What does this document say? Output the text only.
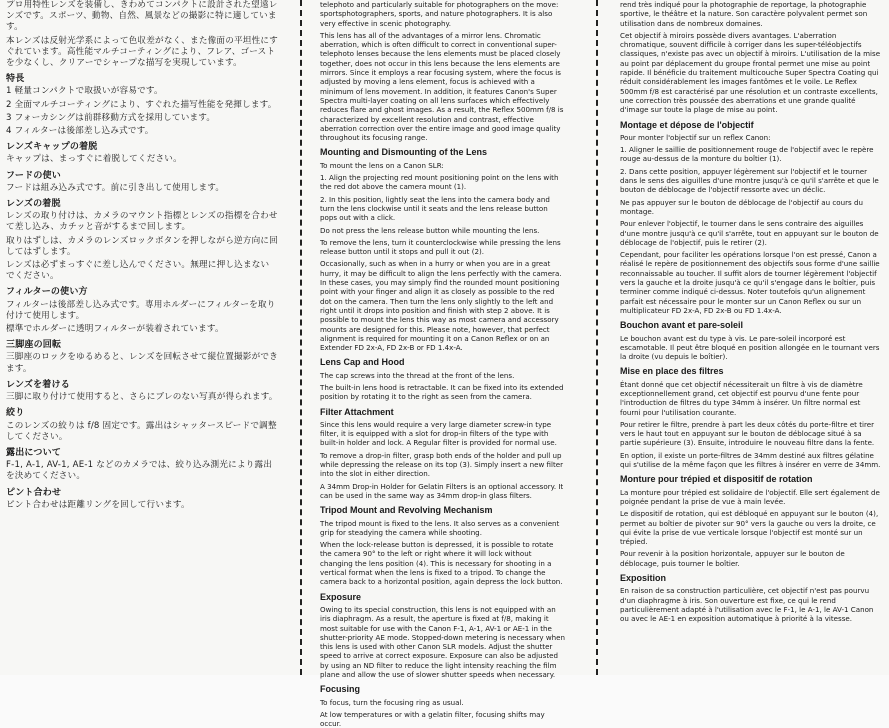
プロ用特性レンズを装備し、きわめてコンパクトに設計された望遠レンズです。スポーツ、動物、自然、風景などの撮影に特に適しています。
本レンズは反射光学系によって色収差がなく、また像面の平坦性にすぐれています。高性能マルチコーティングにより、フレア、ゴーストを少なくし、クリアーでシャープな描写を実現しています。
特長
1 軽量コンパクトで取扱いが容易です。
2 全面マルチコーティングにより、すぐれた描写性能を発揮します。
3 フォーカシングは前群移動方式を採用しています。
4 フィルターは後部差し込み式です。
レンズキャップの着脱
キャップは、まっすぐに着脱してください。
フードの使い
フードは組み込み式です。前に引き出して使用します。
レンズの着脱
レンズの取り付けは、カメラのマウント指標とレンズの指標を合わせて差し込み、カチッと音がするまで回します。
取りはずしは、カメラのレンズロックボタンを押しながら逆方向に回してはずします。
レンズは必ずまっすぐに差し込んでください。無理に押し込まないでください。
フィルターの使い方
フィルターは後部差し込み式です。専用ホルダーにフィルターを取り付けて使用します。
標準でホルダーに透明フィルターが装着されています。
三脚座の回転
三脚座のロックをゆるめると、レンズを回転させて縦位置撮影ができます。
レンズを着ける
三脚に取り付けて使用すると、さらにブレのない写真が得られます。
絞り
このレンズの絞りは f/8 固定です。露出はシャッタースピードで調整してください。
露出について
F-1, A-1, AV-1, AE-1 などのカメラでは、絞り込み測光により露出を決めてください。
ピント合わせ
ピント合わせは距離リングを回して行います。
telephoto and particularly suitable for photographers on the move: sportsphotographers, sports, and nature photographers. It is also very effective in scenic photography.
This lens has all of the advantages of a mirror lens. Chromatic aberration, which is often difficult to correct in conventional super-telephoto lenses because the lens elements must be placed closely together, does not occur in this lens because the lens elements are mirrors. Since it employs a rear focusing system, where the focus is adjusted by moving a lens element, focus is achieved with a minimum of lens movement. In addition, it features Canon's Super Spectra multi-layer coating on all lens surfaces which effectively reduces flare and ghost images. As a result, the Reflex 500mm f/8 is characterized by excellent resolution and contrast, effective aberration correction over the entire image and good image quality throughout its focusing range.
Mounting and Dismounting of the Lens
To mount the lens on a Canon SLR:
1. Align the projecting red mount positioning point on the lens with the red dot above the camera mount (1).
2. In this position, lightly seat the lens into the camera body and turn the lens clockwise until it seats and the lens release button pops out with a click.
Do not press the lens release button while mounting the lens.
To remove the lens, turn it counterclockwise while pressing the lens release button until it stops and pull it out (2).
Occasionally, such as when in a hurry or when you are in a great hurry, it may be difficult to align the lens perfectly with the camera. In these cases, you may simply find the rounded mount positioning point with your finger and align it as closely as possible to the red dot on the camera. Then turn the lens only slightly to the left and right until it drops into position and finish with step 2 above. It is possible to mount the lens this way as most camera and accessory mounts are designed for this. Please note, however, that perfect alignment is required for mounting it on a Canon Reflex or on an Extender FD 2x-A, FD 2x-B or FD 1.4x-A.
Lens Cap and Hood
The cap screws into the thread at the front of the lens.
The built-in lens hood is retractable. It can be fixed into its extended position by rotating it to the right as seen from the camera.
Filter Attachment
Since this lens would require a very large diameter screw-in type filter, it is equipped with a slot for drop-in filters of the type with built-in holder and lock. A Regular filter is provided for normal use.
To remove a drop-in filter, grasp both ends of the holder and pull up while depressing the release on its top (3). Simply insert a new filter into the slot in either direction.
A 34mm Drop-in Holder for Gelatin Filters is an optional accessory. It can be used in the same way as 34mm drop-in glass filters.
Tripod Mount and Revolving Mechanism
The tripod mount is fixed to the lens. It also serves as a convenient grip for steadying the camera while shooting.
When the lock-release button is depressed, it is possible to rotate the camera 90° to the left or right where it will lock without changing the lens position (4). This is necessary for shooting in a vertical format when the lens is fixed to a tripod. To change the camera back to a horizontal position, again depress the lock button.
Exposure
Owing to its special construction, this lens is not equipped with an iris diaphragm. As a result, the aperture is fixed at f/8, making it most suitable for use with the Canon F-1, A-1, AV-1 or AE-1 in the shutter-priority AE mode. Stopped-down metering is necessary when this lens is used with other Canon SLR models. Adjust the shutter speed to arrive at correct exposure. Exposure can also be adjusted by using an ND filter to reduce the light intensity reaching the film plane and allow the use of slower shutter speeds when necessary.
Focusing
To focus, turn the focusing ring as usual.
At low temperatures or with a gelatin filter, focusing shifts may occur.
rend très indiqué pour la photographie de reportage, la photographie sportive, le théâtre et la nature. Son caractère polyvalent permet son utilisation dans de nombreux domaines.
Cet objectif à miroirs possède divers avantages. L'aberration chromatique, souvent difficile à corriger dans les super-téléobjectifs classiques, n'existe pas avec un objectif à miroirs. L'utilisation de la mise au point par déplacement du groupe frontal permet une mise au point rapide. Il bénéficie du traitement multicouche Super Spectra Coating qui réduit considérablement les images fantômes et le voile. Le Reflex 500mm f/8 est caractérisé par une résolution et un contraste excellents, une correction très poussée des aberrations et une grande qualité d'image sur toute la plage de mise au point.
Montage et dépose de l'objectif
Pour monter l'objectif sur un reflex Canon:
1. Aligner le saillie de positionnement rouge de l'objectif avec le repère rouge au-dessus de la monture du boîtier (1).
2. Dans cette position, appuyer légèrement sur l'objectif et le tourner dans le sens des aiguilles d'une montre jusqu'à ce qu'il s'arrête et que le bouton de déblocage de l'objectif ressorte avec un déclic.
Ne pas appuyer sur le bouton de déblocage de l'objectif au cours du montage.
Pour enlever l'objectif, le tourner dans le sens contraire des aiguilles d'une montre jusqu'à ce qu'il s'arrête, tout en appuyant sur le bouton de déblocage de l'objectif, puis le retirer (2).
Cependant, pour faciliter les opérations lorsque l'on est pressé, Canon a réalisé le repère de positionnement des objectifs sous forme d'une saillie reconnaissable au toucher. Il suffit alors de tourner légèrement l'objectif vers la gauche et la droite jusqu'à ce qu'il s'engage dans le boîtier, puis terminer comme indiqué ci-dessus. Noter toutefois qu'un alignement parfait est nécessaire pour le monter sur un Canon Reflex ou sur un multiplicateur FD 2x-A, FD 2x-B ou FD 1.4x-A.
Bouchon avant et pare-soleil
Le bouchon avant est du type à vis. Le pare-soleil incorporé est escamotable. Il peut être bloqué en position allongée en le tournant vers la droite (vu depuis le boîtier).
Mise en place des filtres
Étant donné que cet objectif nécessiterait un filtre à vis de diamètre exceptionnellement grand, cet objectif est pourvu d'une fente pour l'introduction de filtres du type 34mm à insérer. Un filtre normal est fourni pour l'utilisation courante.
Pour retirer le filtre, prendre à part les deux côtés du porte-filtre et tirer vers le haut tout en appuyant sur le bouton de déblocage situé à sa partie supérieure (3). Ensuite, introduire le nouveau filtre dans la fente.
En option, il existe un porte-filtres de 34mm destiné aux filtres gélatine qui s'utilise de la même façon que les filtres à insérer en verre de 34mm.
Monture pour trépied et dispositif de rotation
La monture pour trépied est solidaire de l'objectif. Elle sert également de poignée pendant la prise de vue à main levée.
Le dispositif de rotation, qui est débloqué en appuyant sur le bouton (4), permet au boîtier de pivoter sur 90° vers la gauche ou vers la droite, ce qui évite la prise de vue verticale lorsque l'objectif est monté sur un trépied.
Pour revenir à la position horizontale, appuyer sur le bouton de déblocage, puis tourner le boîtier.
Exposition
En raison de sa construction particulière, cet objectif n'est pas pourvu d'un diaphragme à iris. Son ouverture est fixe, ce qui le rend particulièrement adapté à l'utilisation avec le F-1, le A-1, le AV-1 Canon ou avec le AE-1 en exposition automatique à priorité à la vitesse.
